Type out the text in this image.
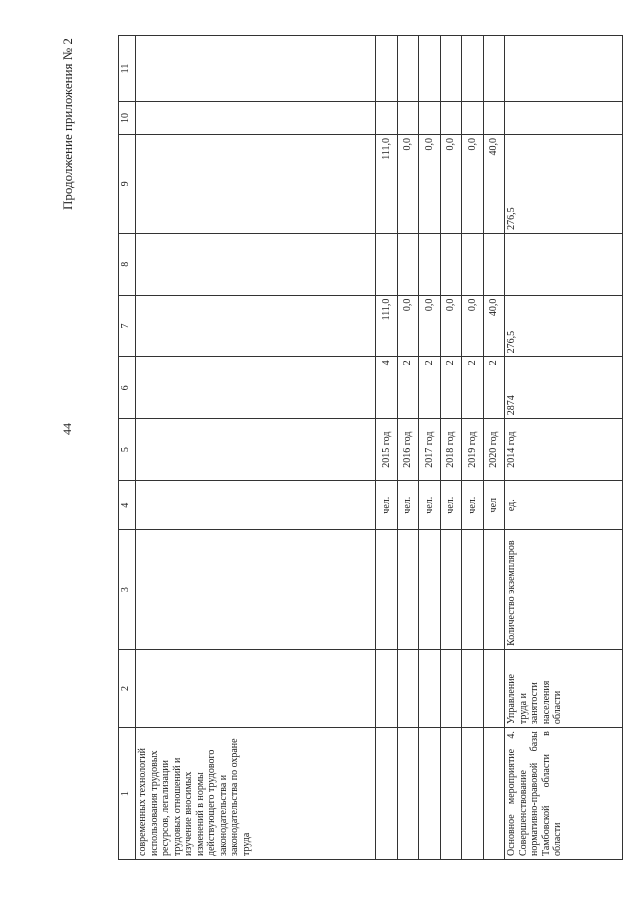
44
Продолжение приложения № 2
1	2	3	4	5	6	7	8	9	10	11
современных технологий использования трудовых ресурсов, легализации трудовых отношений и изучение вносимых изменений в нормы действующего трудового законодательства и законодательства по охране труда										
			чел.	2015 год	4	111,0		111,0		
			чел.	2016 год	2	0,0		0,0		
			чел.	2017 год	2	0,0		0,0		
			чел.	2018 год	2	0,0		0,0		
			чел.	2019 год	2	0,0		0,0		
			чел	2020 год	2	40,0		40,0		
Основное мероприятие 4. Совершенствование нормативно-правовой базы Тамбовской области в области	Управление труда и занятости населения области	Количество экземпляров	ед.	2014 год	2874	276,5		276,5		
